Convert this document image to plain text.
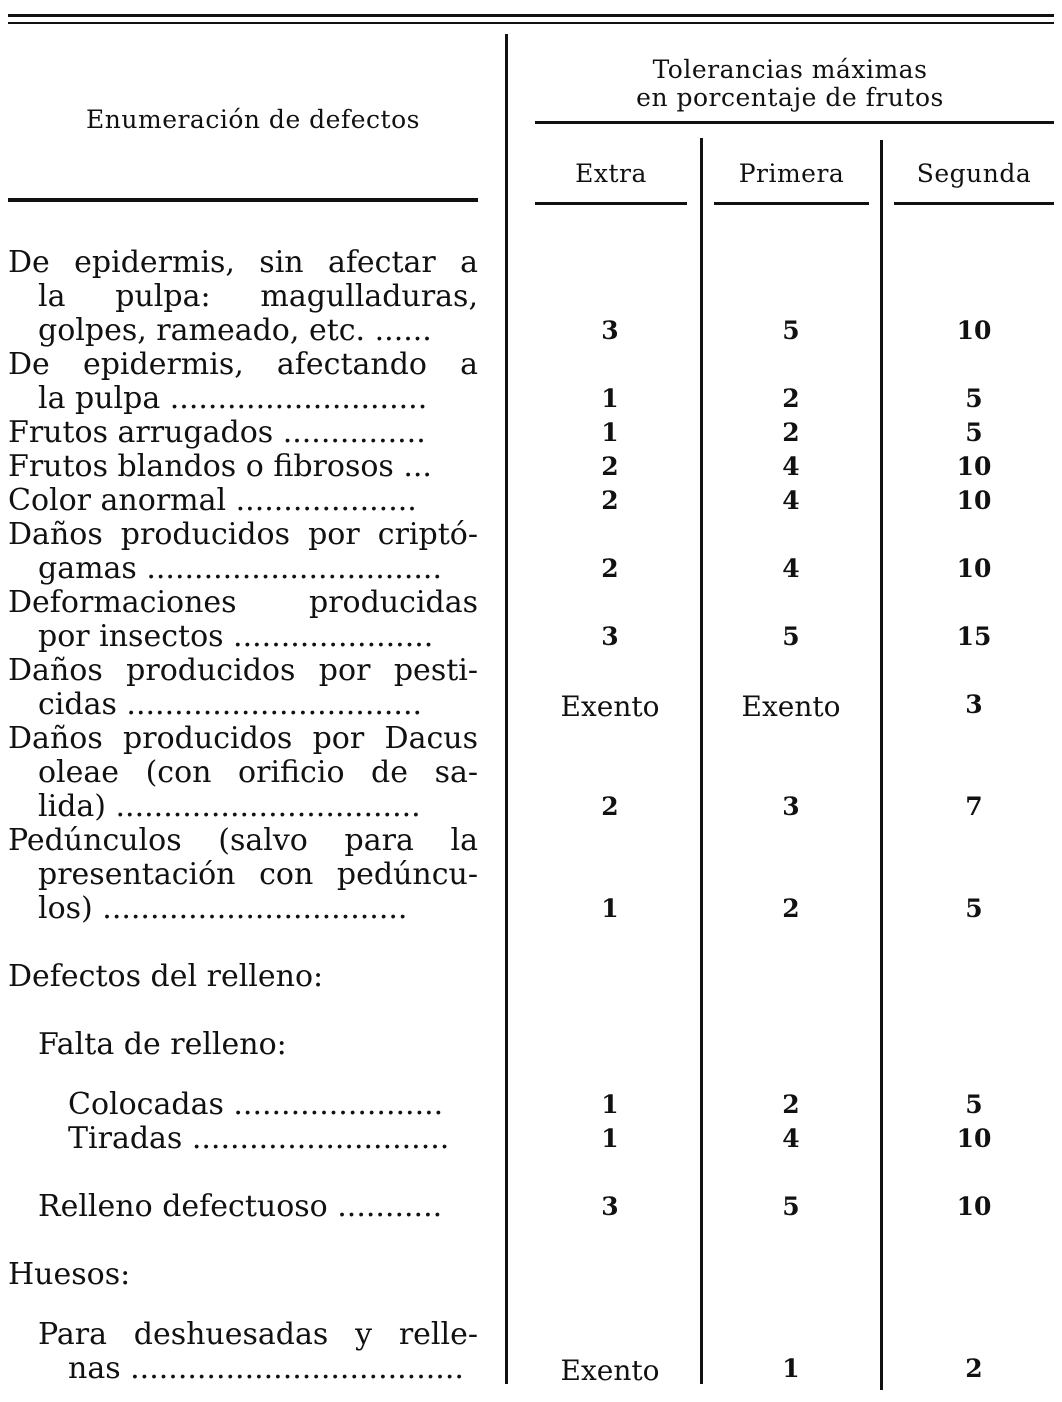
Enumeración de defectos
Tolerancias máximas
en porcentaje de frutos
Extra	Primera	Segunda
De epidermis, sin afectar a
la pulpa: magulladuras,
golpes, rameado, etc. ......	3	5	10
De epidermis, afectando a
la pulpa ...........................	1	2	5
Frutos arrugados ...............	1	2	5
Frutos blandos o fibrosos ...	2	4	10
Color anormal ...................	2	4	10
Daños producidos por criptó-
gamas ...............................	2	4	10
Deformaciones producidas
por insectos .....................	3	5	15
Daños producidos por pesti-
cidas ...............................	Exento	Exento	3
Daños producidos por Dacus
oleae (con orificio de sa-
lida) ................................	2	3	7
Pedúnculos (salvo para la
presentación con pedúncu-
los) ................................	1	2	5
Defectos del relleno:
Falta de relleno:
Colocadas ......................	1	2	5
Tiradas ...........................	1	4	10
Relleno defectuoso ...........	3	5	10
Huesos:
Para deshuesadas y relle-
nas ...................................	Exento	1	2
